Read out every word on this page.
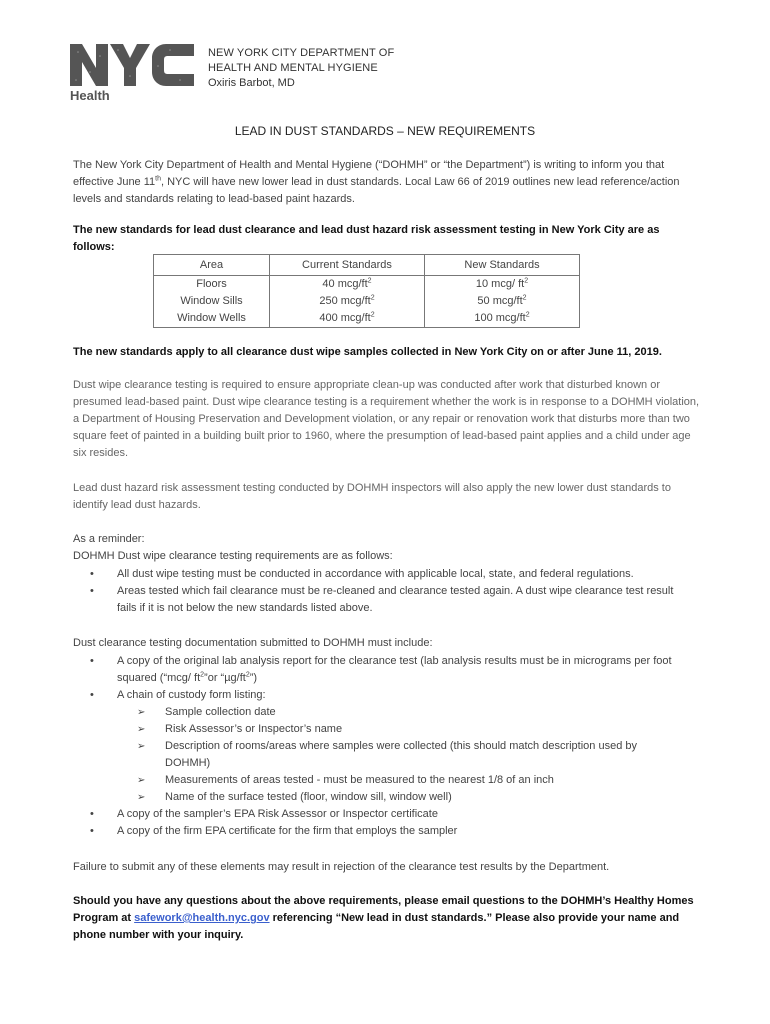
Health
NEW YORK CITY DEPARTMENT OF
HEALTH AND MENTAL HYGIENE
Oxiris Barbot, MD
LEAD IN DUST STANDARDS – NEW REQUIREMENTS
The New York City Department of Health and Mental Hygiene (“DOHMH” or “the Department”) is writing to inform you that effective June 11th, NYC will have new lower lead in dust standards. Local Law 66 of 2019 outlines new lead reference/action levels and standards relating to lead-based paint hazards.
The new standards for lead dust clearance and lead dust hazard risk assessment testing in New York City are as follows:
Area	Current Standards	New Standards
Floors	40 mcg/$ft^2$	10 mcg/ $ft^2$
Window Sills	250 mcg/$ft^2$	50 mcg/$ft^2$
Window Wells	400 mcg/$ft^2$	100 mcg/$ft^2$
The new standards apply to all clearance dust wipe samples collected in New York City on or after June 11, 2019.
Dust wipe clearance testing is required to ensure appropriate clean-up was conducted after work that disturbed known or presumed lead-based paint. Dust wipe clearance testing is a requirement whether the work is in response to a DOHMH violation, a Department of Housing Preservation and Development violation, or any repair or renovation work that disturbs more than two square feet of painted in a building built prior to 1960, where the presumption of lead-based paint applies and a child under age six resides.
Lead dust hazard risk assessment testing conducted by DOHMH inspectors will also apply the new lower dust standards to identify lead dust hazards.
As a reminder:
DOHMH Dust wipe clearance testing requirements are as follows:
• All dust wipe testing must be conducted in accordance with applicable local, state, and federal regulations.
• Areas tested which fail clearance must be re-cleaned and clearance tested again. A dust wipe clearance test result fails if it is not below the new standards listed above.
Dust clearance testing documentation submitted to DOHMH must include:
• A copy of the original lab analysis report for the clearance test (lab analysis results must be in micrograms per foot squared (“mcg/ $ft^2”or$ “$\mu g/ft^2$”)
• A chain of custody form listing:
➢ Sample collection date
➢ Risk Assessor’s or Inspector’s name
➢ Description of rooms/areas where samples were collected (this should match description used by DOHMH)
➢ Measurements of areas tested - must be measured to the nearest 1/8 of an inch
➢ Name of the surface tested (floor, window sill, window well)
• A copy of the sampler’s EPA Risk Assessor or Inspector certificate
• A copy of the firm EPA certificate for the firm that employs the sampler
Failure to submit any of these elements may result in rejection of the clearance test results by the Department.
Should you have any questions about the above requirements, please email questions to the DOHMH’s Healthy Homes Program at safework@health.nyc.gov referencing “New lead in dust standards.” Please also provide your name and phone number with your inquiry.
